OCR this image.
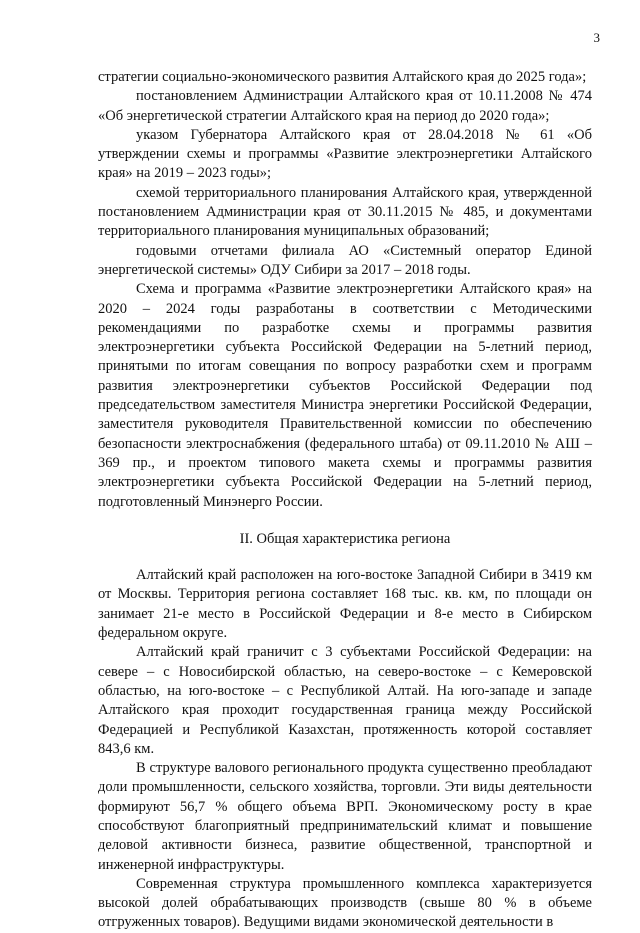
3

стратегии социально-экономического развития Алтайского края до 2025 года»;

постановлением Администрации Алтайского края от 10.11.2008 № 474 «Об энергетической стратегии Алтайского края на период до 2020 года»;

указом Губернатора Алтайского края от 28.04.2018 № 61 «Об утверждении схемы и программы «Развитие электроэнергетики Алтайского края» на 2019 – 2023 годы»;

схемой территориального планирования Алтайского края, утвержденной постановлением Администрации края от 30.11.2015 № 485, и документами территориального планирования муниципальных образований;

годовыми отчетами филиала АО «Системный оператор Единой энергетической системы» ОДУ Сибири за 2017 – 2018 годы.

Схема и программа «Развитие электроэнергетики Алтайского края» на 2020 – 2024 годы разработаны в соответствии с Методическими рекомендациями по разработке схемы и программы развития электроэнергетики субъекта Российской Федерации на 5-летний период, принятыми по итогам совещания по вопросу разработки схем и программ развития электроэнергетики субъектов Российской Федерации под председательством заместителя Министра энергетики Российской Федерации, заместителя руководителя Правительственной комиссии по обеспечению безопасности электроснабжения (федерального штаба) от 09.11.2010 № АШ – 369 пр., и проектом типового макета схемы и программы развития электроэнергетики субъекта Российской Федерации на 5-летний период, подготовленный Минэнерго России.

II. Общая характеристика региона

Алтайский край расположен на юго-востоке Западной Сибири в 3419 км от Москвы. Территория региона составляет 168 тыс. кв. км, по площади он занимает 21-е место в Российской Федерации и 8-е место в Сибирском федеральном округе.

Алтайский край граничит с 3 субъектами Российской Федерации: на севере – с Новосибирской областью, на северо-востоке – с Кемеровской областью, на юго-востоке – с Республикой Алтай. На юго-западе и западе Алтайского края проходит государственная граница между Российской Федерацией и Республикой Казахстан, протяженность которой составляет 843,6 км.

В структуре валового регионального продукта существенно преобладают доли промышленности, сельского хозяйства, торговли. Эти виды деятельности формируют 56,7 % общего объема ВРП. Экономическому росту в крае способствуют благоприятный предпринимательский климат и повышение деловой активности бизнеса, развитие общественной, транспортной и инженерной инфраструктуры.

Современная структура промышленного комплекса характеризуется высокой долей обрабатывающих производств (свыше 80 % в объеме отгруженных товаров). Ведущими видами экономической деятельности в
